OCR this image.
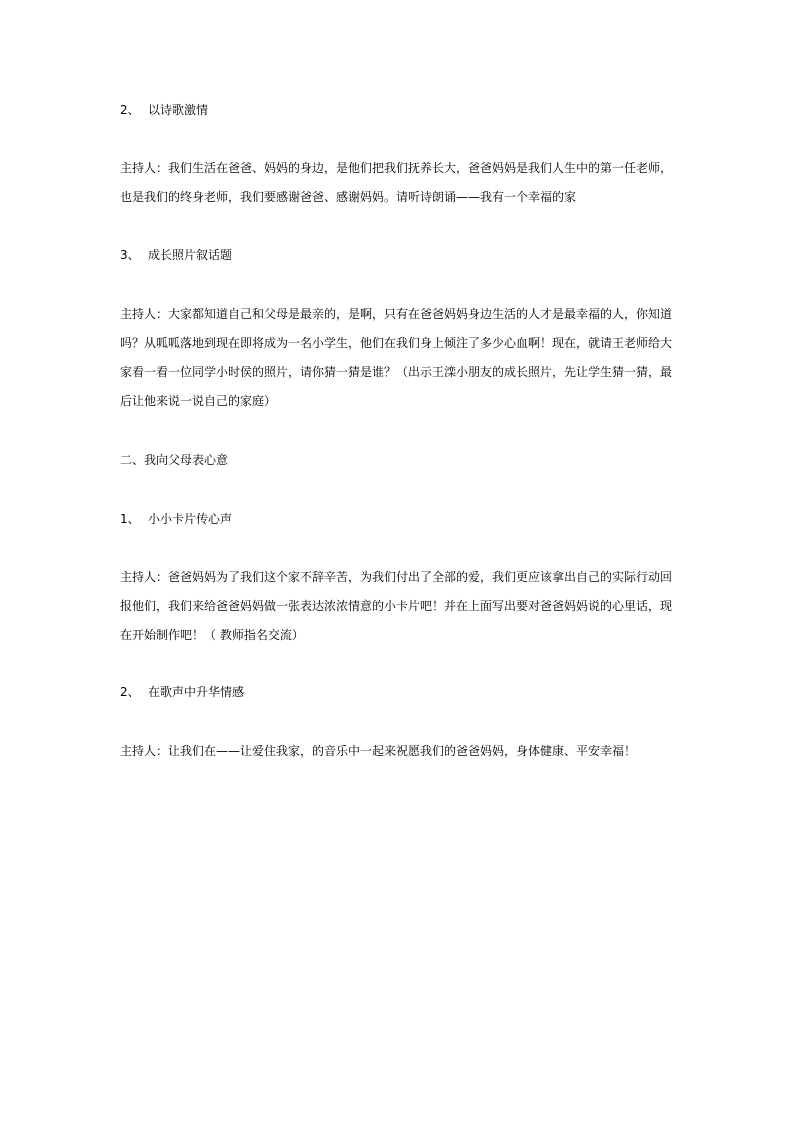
2、 以诗歌激情
主持人：我们生活在爸爸、妈妈的身边，是他们把我们抚养长大，爸爸妈妈是我们人生中的第一任老师，也是我们的终身老师，我们要感谢爸爸、感谢妈妈。请听诗朗诵——我有一个幸福的家
3、 成长照片叙话题
主持人：大家都知道自己和父母是最亲的，是啊，只有在爸爸妈妈身边生活的人才是最幸福的人，你知道吗？从呱呱落地到现在即将成为一名小学生，他们在我们身上倾注了多少心血啊！现在，就请王老师给大家看一看一位同学小时侯的照片，请你猜一猜是谁？（出示王滦小朋友的成长照片，先让学生猜一猜，最后让他来说一说自己的家庭）
二、我向父母表心意
1、 小小卡片传心声
主持人：爸爸妈妈为了我们这个家不辞辛苦，为我们付出了全部的爱，我们更应该拿出自己的实际行动回报他们，我们来给爸爸妈妈做一张表达浓浓情意的小卡片吧！并在上面写出要对爸爸妈妈说的心里话，现在开始制作吧！（ 教师指名交流）
2、 在歌声中升华情感
主持人：让我们在——让爱住我家，的音乐中一起来祝愿我们的爸爸妈妈，身体健康、平安幸福！
